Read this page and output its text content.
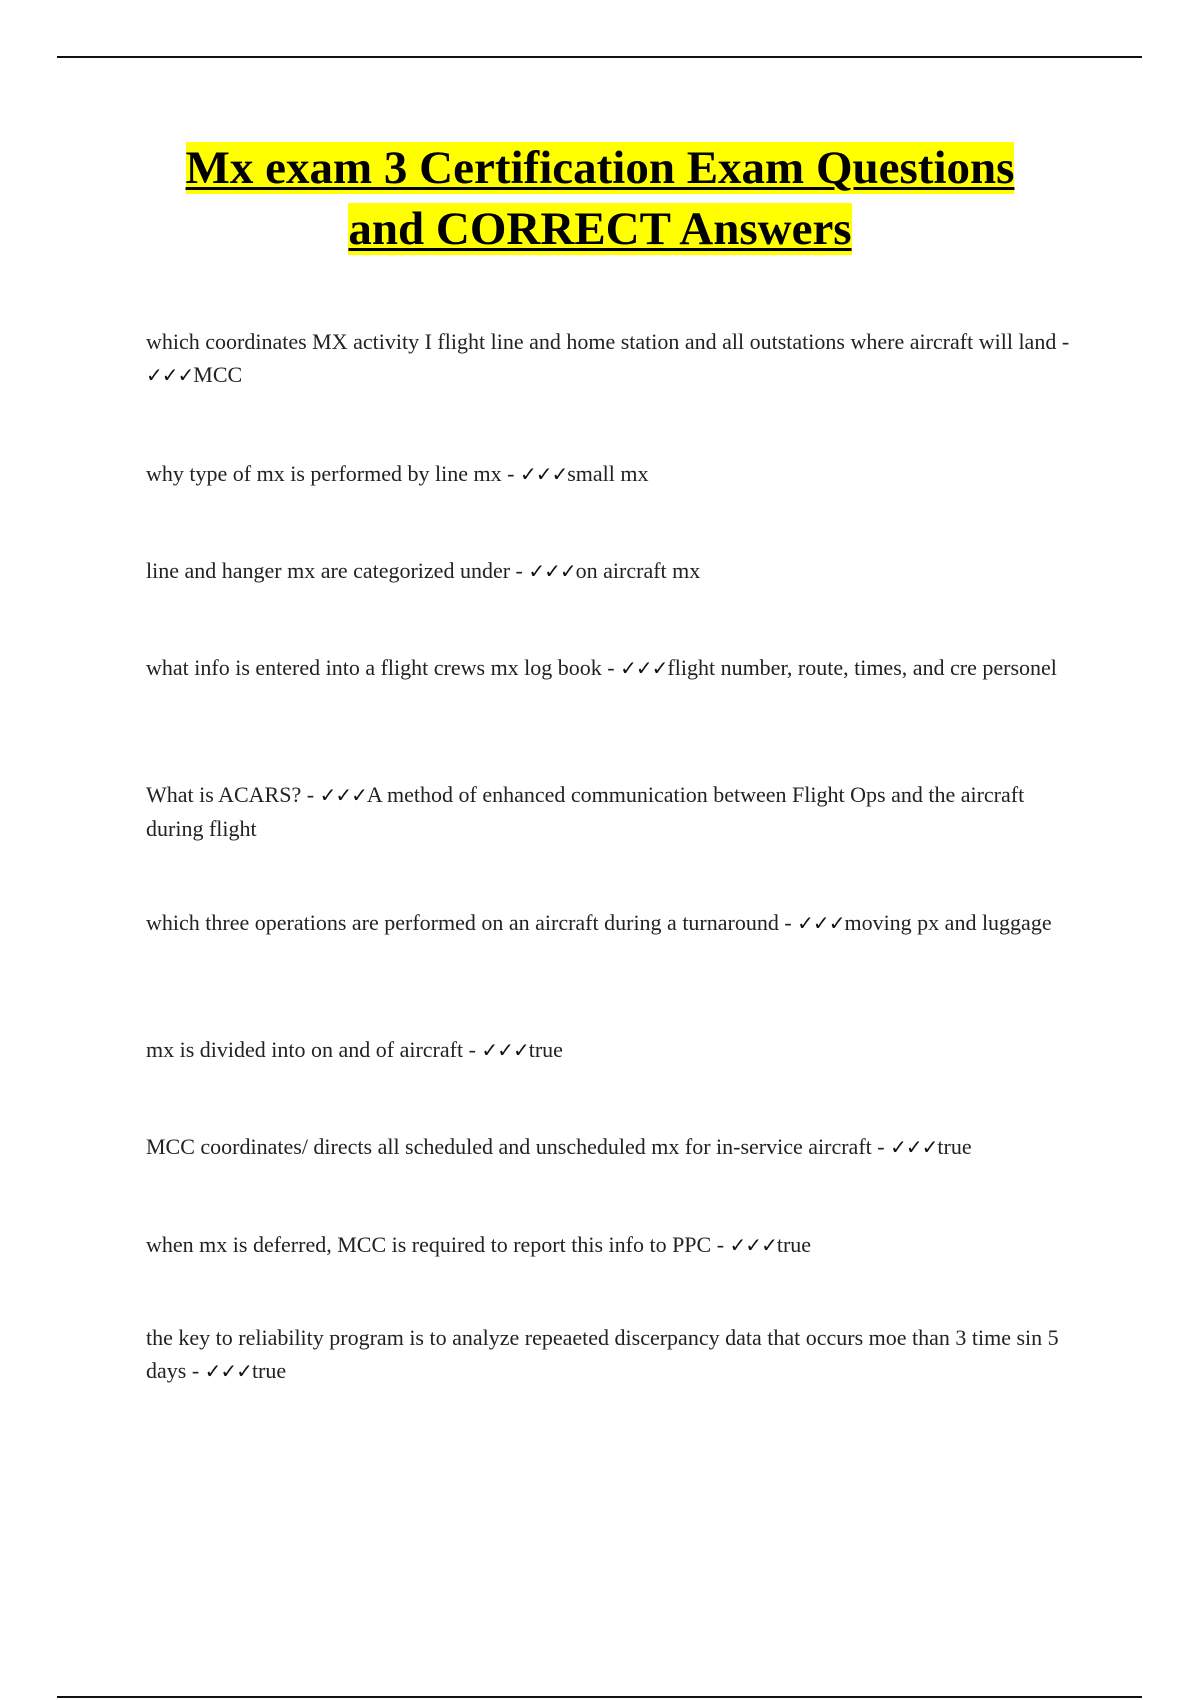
Mx exam 3 Certification Exam Questions
and CORRECT Answers
which coordinates MX activity I flight line and home station and all outstations where aircraft will land - ✓✓✓MCC
why type of mx is performed by line mx - ✓✓✓small mx
line and hanger mx are categorized under - ✓✓✓on aircraft mx
what info is entered into a flight crews mx log book - ✓✓✓flight number, route, times, and cre personel
What is ACARS? - ✓✓✓A method of enhanced communication between Flight Ops and the aircraft during flight
which three operations are performed on an aircraft during a turnaround - ✓✓✓moving px and luggage
mx is divided into on and of aircraft - ✓✓✓true
MCC coordinates/ directs all scheduled and unscheduled mx for in-service aircraft - ✓✓✓true
when mx is deferred, MCC is required to report this info to PPC - ✓✓✓true
the key to reliability program is to analyze repeaeted discerpancy data that occurs moe than 3 time sin 5 days - ✓✓✓true
